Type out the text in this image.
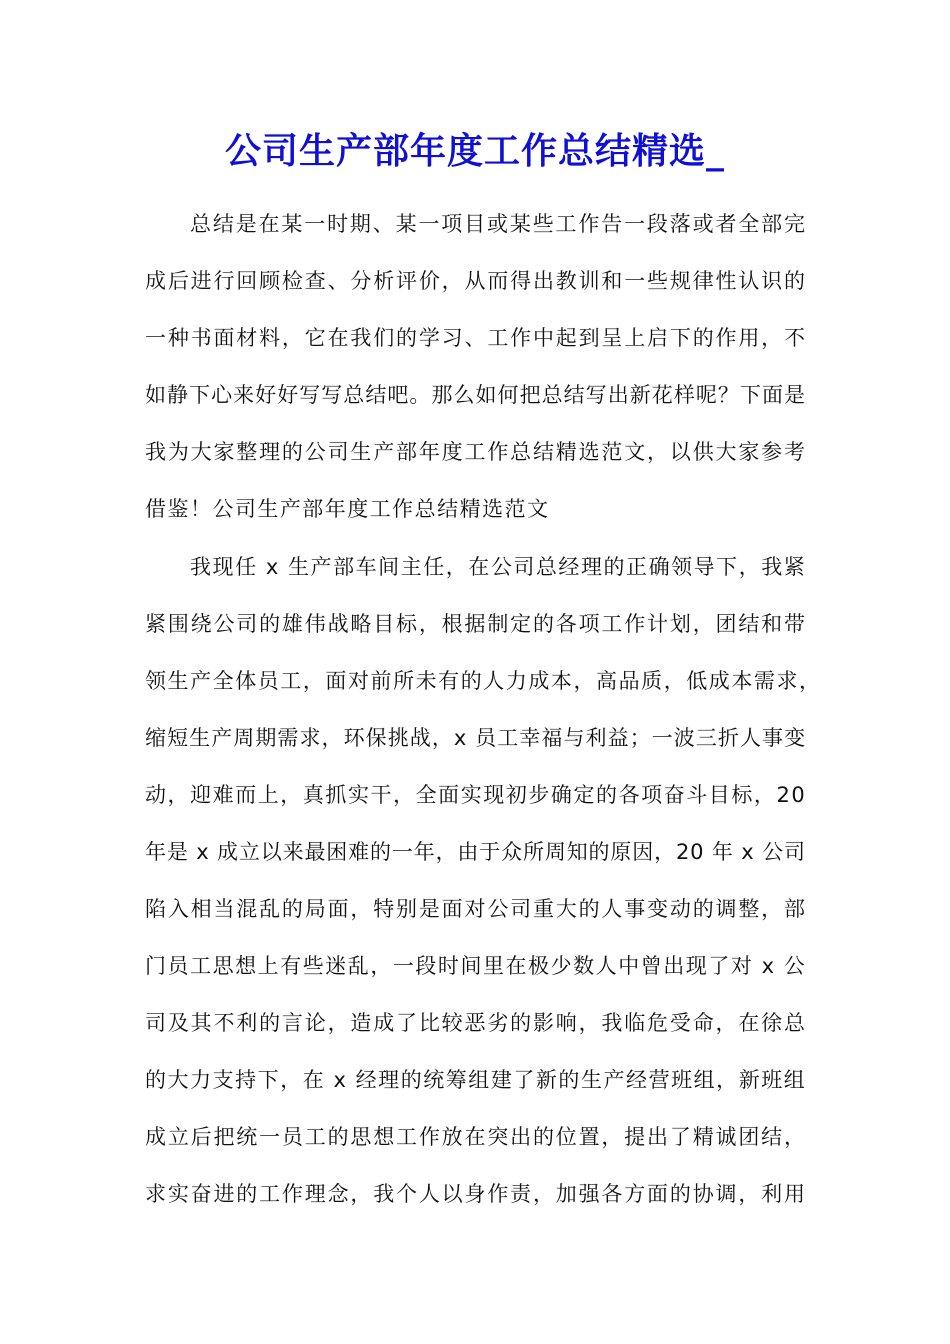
公司生产部年度工作总结精选_
总结是在某一时期、某一项目或某些工作告一段落或者全部完
成后进行回顾检查、分析评价，从而得出教训和一些规律性认识的
一种书面材料，它在我们的学习、工作中起到呈上启下的作用，不
如静下心来好好写写总结吧。那么如何把总结写出新花样呢？下面是
我为大家整理的公司生产部年度工作总结精选范文，以供大家参考
借鉴！公司生产部年度工作总结精选范文
我现任 x 生产部车间主任，在公司总经理的正确领导下，我紧
紧围绕公司的雄伟战略目标，根据制定的各项工作计划，团结和带
领生产全体员工，面对前所未有的人力成本，高品质，低成本需求，
缩短生产周期需求，环保挑战，x 员工幸福与利益；一波三折人事变
动，迎难而上，真抓实干，全面实现初步确定的各项奋斗目标，20
年是 x 成立以来最困难的一年，由于众所周知的原因，20 年 x 公司
陷入相当混乱的局面，特别是面对公司重大的人事变动的调整，部
门员工思想上有些迷乱，一段时间里在极少数人中曾出现了对 x 公
司及其不利的言论，造成了比较恶劣的影响，我临危受命，在徐总
的大力支持下，在 x 经理的统筹组建了新的生产经营班组，新班组
成立后把统一员工的思想工作放在突出的位置，提出了精诚团结，
求实奋进的工作理念，我个人以身作责，加强各方面的协调，利用
